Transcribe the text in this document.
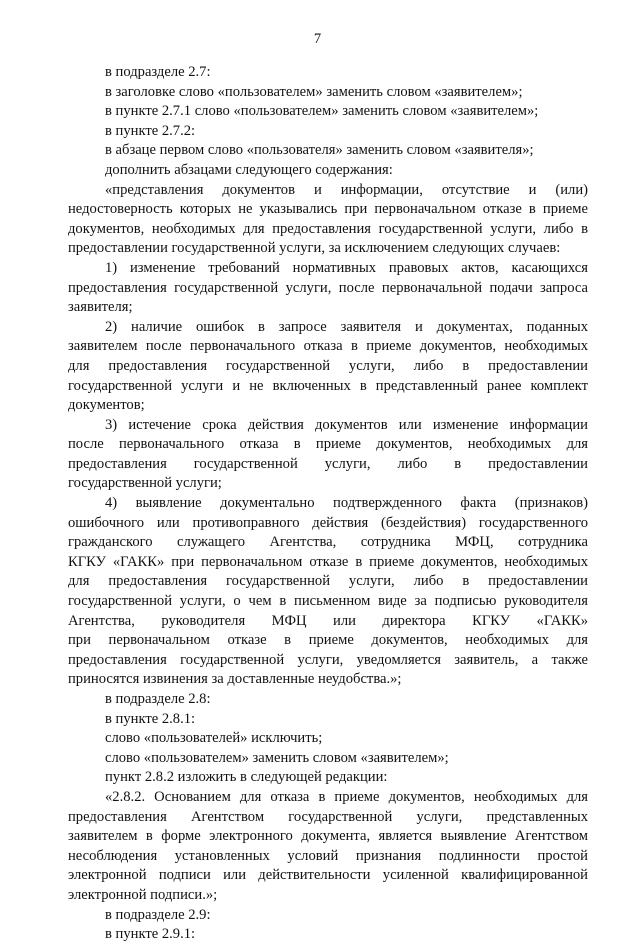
7
в подразделе 2.7:
в заголовке слово «пользователем» заменить словом «заявителем»;
в пункте 2.7.1 слово «пользователем» заменить словом «заявителем»;
в пункте 2.7.2:
в абзаце первом слово «пользователя» заменить словом «заявителя»;
дополнить абзацами следующего содержания:
«представления документов и информации, отсутствие и (или)
недостоверность которых не указывались при первоначальном отказе в приеме
документов, необходимых для предоставления государственной услуги, либо в
предоставлении государственной услуги, за исключением следующих случаев:
1) изменение требований нормативных правовых актов, касающихся
предоставления государственной услуги, после первоначальной подачи запроса
заявителя;
2) наличие ошибок в запросе заявителя и документах, поданных
заявителем после первоначального отказа в приеме документов, необходимых
для предоставления государственной услуги, либо в предоставлении
государственной услуги и не включенных в представленный ранее комплект
документов;
3) истечение срока действия документов или изменение информации
после первоначального отказа в приеме документов, необходимых для
предоставления государственной услуги, либо в предоставлении
государственной услуги;
4) выявление документально подтвержденного факта (признаков)
ошибочного или противоправного действия (бездействия) государственного
гражданского служащего Агентства, сотрудника МФЦ, сотрудника
КГКУ «ГАКК» при первоначальном отказе в приеме документов, необходимых
для предоставления государственной услуги, либо в предоставлении
государственной услуги, о чем в письменном виде за подписью руководителя
Агентства, руководителя МФЦ или директора КГКУ «ГАКК»
при первоначальном отказе в приеме документов, необходимых для
предоставления государственной услуги, уведомляется заявитель, а также
приносятся извинения за доставленные неудобства.»;
в подразделе 2.8:
в пункте 2.8.1:
слово «пользователей» исключить;
слово «пользователем» заменить словом «заявителем»;
пункт 2.8.2 изложить в следующей редакции:
«2.8.2. Основанием для отказа в приеме документов, необходимых для
предоставления Агентством государственной услуги, представленных
заявителем в форме электронного документа, является выявление Агентством
несоблюдения установленных условий признания подлинности простой
электронной подписи или действительности усиленной квалифицированной
электронной подписи.»;
в подразделе 2.9:
в пункте 2.9.1:
